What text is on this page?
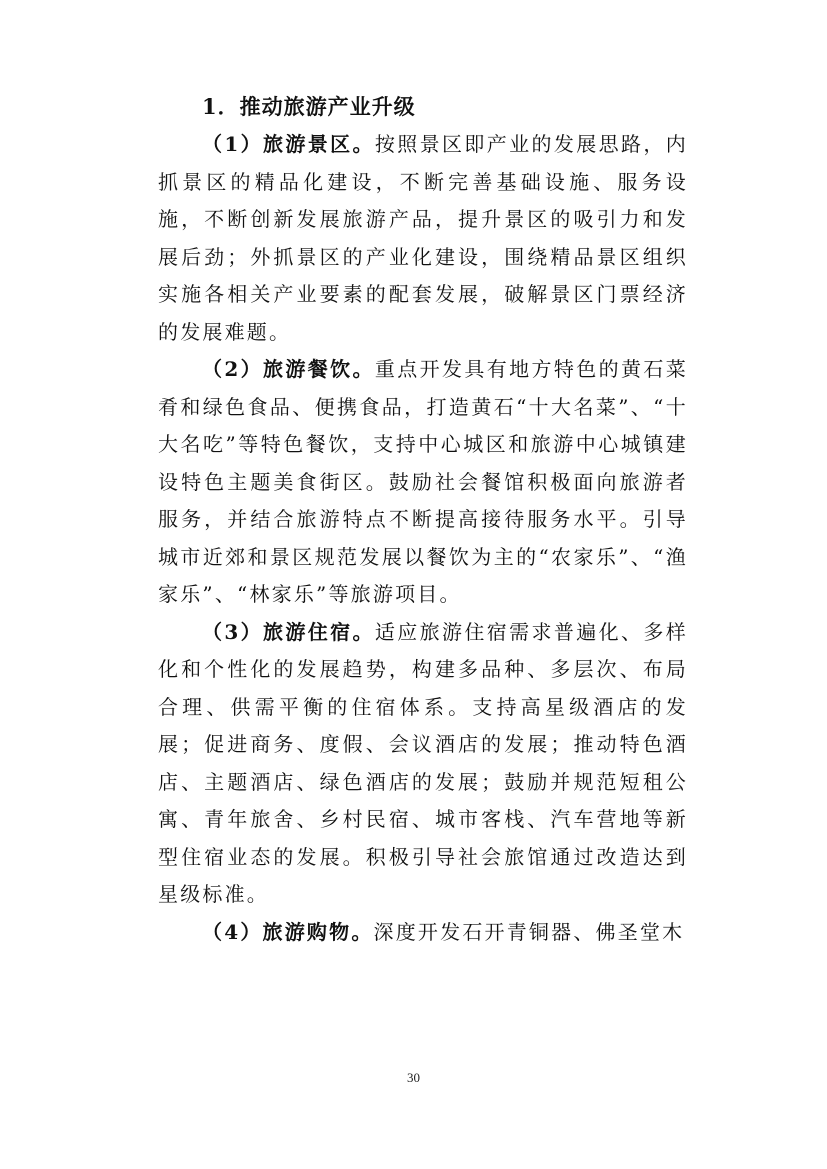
1．推动旅游产业升级

（1）旅游景区。按照景区即产业的发展思路，内抓景区的精品化建设，不断完善基础设施、服务设施，不断创新发展旅游产品，提升景区的吸引力和发展后劲；外抓景区的产业化建设，围绕精品景区组织实施各相关产业要素的配套发展，破解景区门票经济的发展难题。

（2）旅游餐饮。重点开发具有地方特色的黄石菜肴和绿色食品、便携食品，打造黄石“十大名菜”、“十大名吃”等特色餐饮，支持中心城区和旅游中心城镇建设特色主题美食街区。鼓励社会餐馆积极面向旅游者服务，并结合旅游特点不断提高接待服务水平。引导城市近郊和景区规范发展以餐饮为主的“农家乐”、“渔家乐”、“林家乐”等旅游项目。

（3）旅游住宿。适应旅游住宿需求普遍化、多样化和个性化的发展趋势，构建多品种、多层次、布局合理、供需平衡的住宿体系。支持高星级酒店的发展；促进商务、度假、会议酒店的发展；推动特色酒店、主题酒店、绿色酒店的发展；鼓励并规范短租公寓、青年旅舍、乡村民宿、城市客栈、汽车营地等新型住宿业态的发展。积极引导社会旅馆通过改造达到星级标准。

（4）旅游购物。深度开发石开青铜器、佛圣堂木

30
